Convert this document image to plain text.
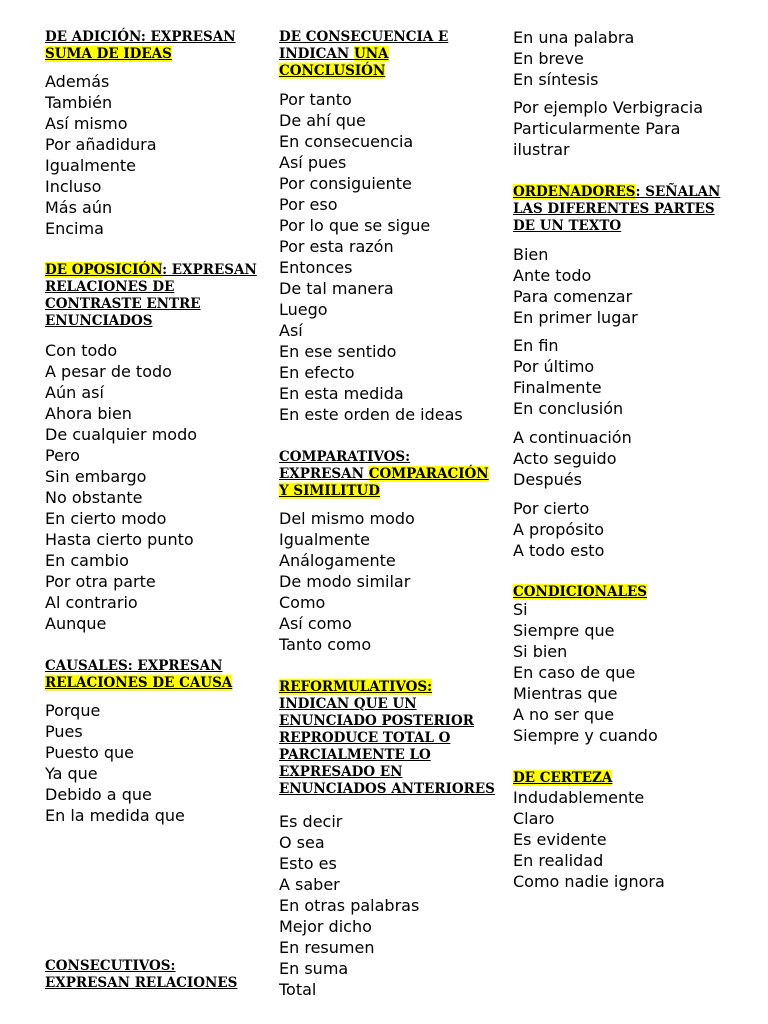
DE ADICIÓN: EXPRESAN
SUMA DE IDEAS
Además
También
Así mismo
Por añadidura
Igualmente
Incluso
Más aún
Encima
DE OPOSICIÓN: EXPRESAN
RELACIONES DE
CONTRASTE ENTRE
ENUNCIADOS
Con todo
A pesar de todo
Aún así
Ahora bien
De cualquier modo
Pero
Sin embargo
No obstante
En cierto modo
Hasta cierto punto
En cambio
Por otra parte
Al contrario
Aunque
CAUSALES: EXPRESAN
RELACIONES DE CAUSA
Porque
Pues
Puesto que
Ya que
Debido a que
En la medida que
CONSECUTIVOS:
EXPRESAN RELACIONES
DE CONSECUENCIA E
INDICAN UNA
CONCLUSIÓN
Por tanto
De ahí que
En consecuencia
Así pues
Por consiguiente
Por eso
Por lo que se sigue
Por esta razón
Entonces
De tal manera
Luego
Así
En ese sentido
En efecto
En esta medida
En este orden de ideas
COMPARATIVOS:
EXPRESAN COMPARACIÓN
Y SIMILITUD
Del mismo modo
Igualmente
Análogamente
De modo similar
Como
Así como
Tanto como
REFORMULATIVOS:
INDICAN QUE UN
ENUNCIADO POSTERIOR
REPRODUCE TOTAL O
PARCIALMENTE LO
EXPRESADO EN
ENUNCIADOS ANTERIORES
Es decir
O sea
Esto es
A saber
En otras palabras
Mejor dicho
En resumen
En suma
Total
En una palabra
En breve
En síntesis
Por ejemplo Verbigracia
Particularmente Para
ilustrar
ORDENADORES: SEÑALAN
LAS DIFERENTES PARTES
DE UN TEXTO
Bien
Ante todo
Para comenzar
En primer lugar
En fin
Por último
Finalmente
En conclusión
A continuación
Acto seguido
Después
Por cierto
A propósito
A todo esto
CONDICIONALES
Si
Siempre que
Si bien
En caso de que
Mientras que
A no ser que
Siempre y cuando
DE CERTEZA
Indudablemente
Claro
Es evidente
En realidad
Como nadie ignora
